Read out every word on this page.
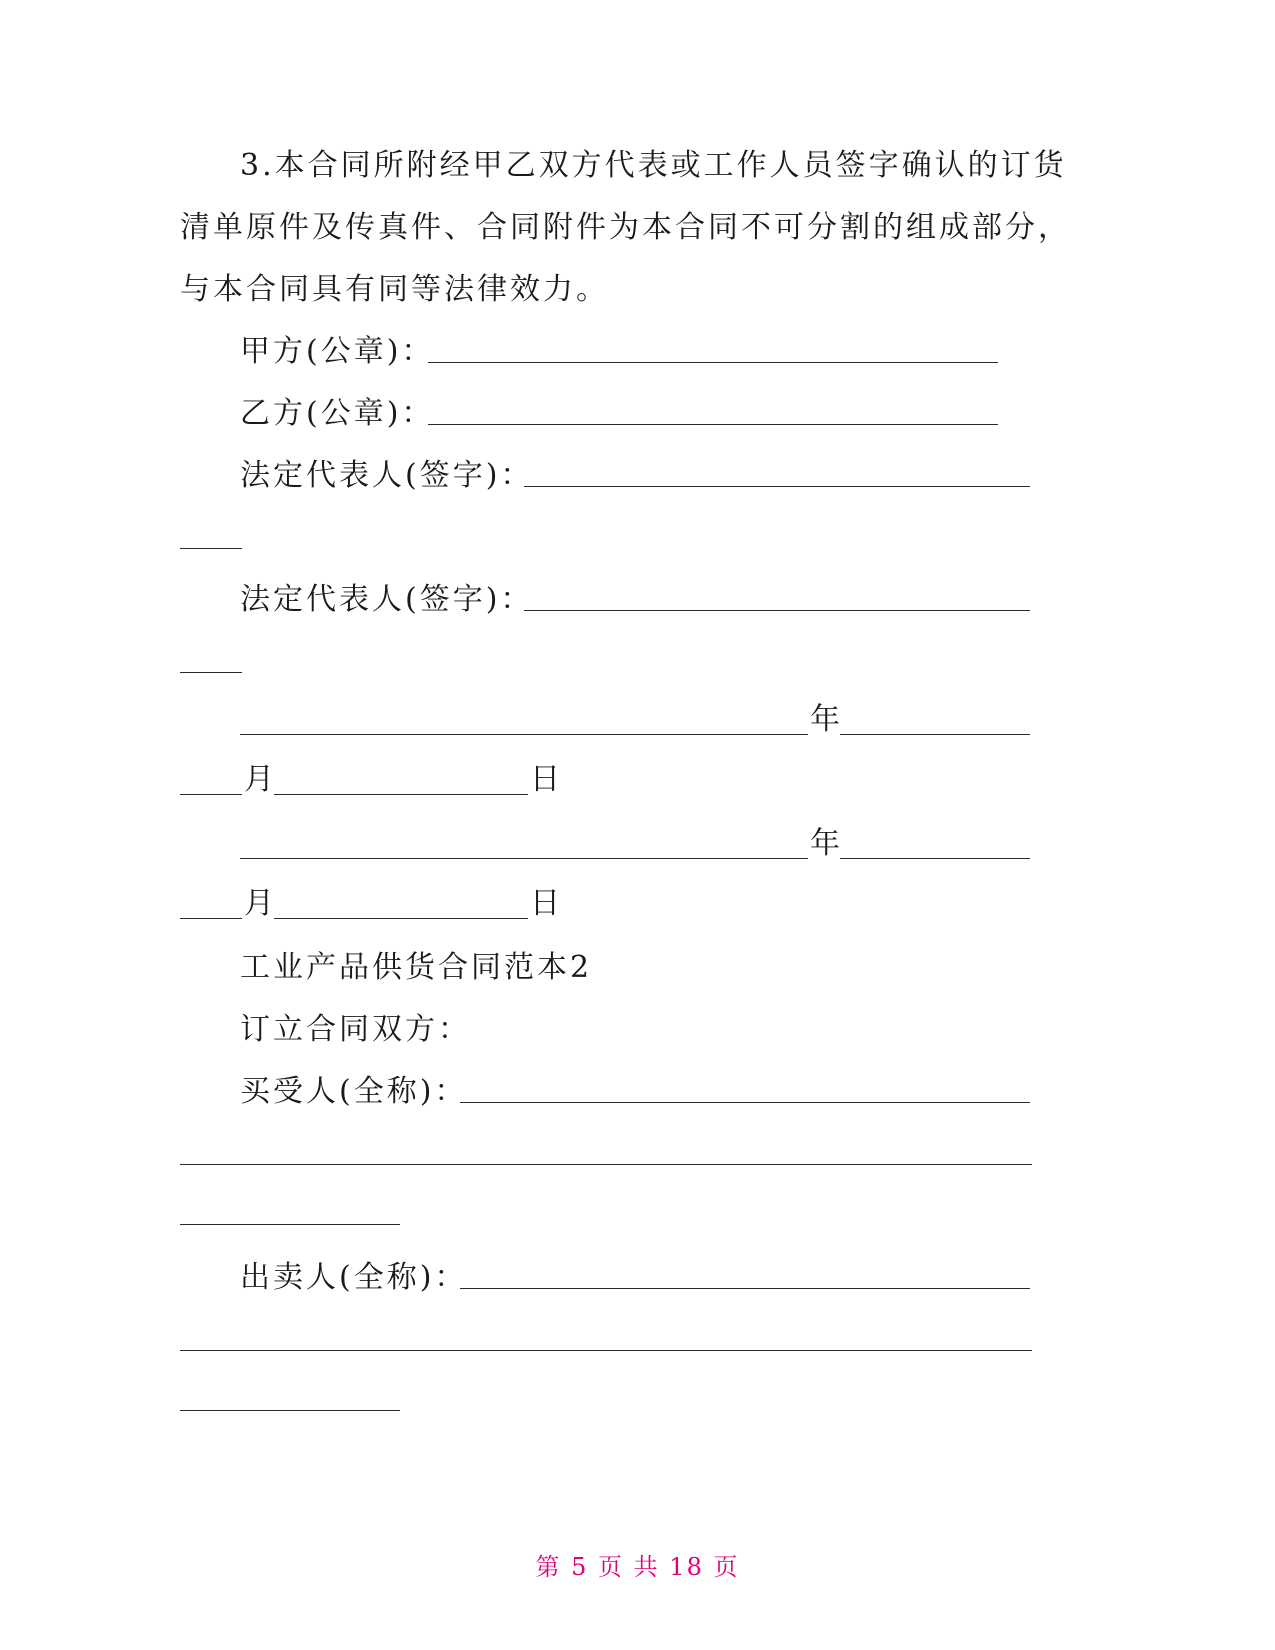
3.本合同所附经甲乙双方代表或工作人员签字确认的订货
清单原件及传真件、合同附件为本合同不可分割的组成部分，
与本合同具有同等法律效力。
甲方(公章)：
乙方(公章)：
法定代表人(签字)：
法定代表人(签字)：
年
月	日
年
月	日
工业产品供货合同范本2
订立合同双方：
买受人(全称)：
出卖人(全称)：
第 5 页 共 18 页
